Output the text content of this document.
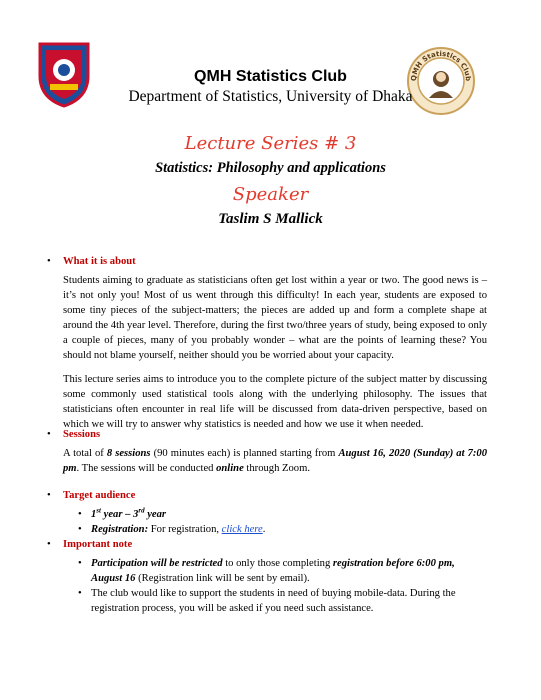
QMH Statistics Club
QMH Statistics Club
Department of Statistics, University of Dhaka
Lecture Series # 3
Statistics: Philosophy and applications
Speaker
Taslim S Mallick
• What it is about

Students aiming to graduate as statisticians often get lost within a year or two. The good news is – it’s not only you! Most of us went through this difficulty! In each year, students are exposed to some tiny pieces of the subject-matters; the pieces are added up and form a complete shape at around the 4th year level. Therefore, during the first two/three years of study, being exposed to only a couple of pieces, many of you probably wonder – what are the points of learning these? You should not blame yourself, neither should you be worried about your capacity.

This lecture series aims to introduce you to the complete picture of the subject matter by discussing some commonly used statistical tools along with the underlying philosophy. The issues that statisticians often encounter in real life will be discussed from data-driven perspective, based on which we will try to answer why statistics is needed and how we use it when needed.

• Sessions

A total of 8 sessions (90 minutes each) is planned starting from August 16, 2020 (Sunday) at 7:00 pm. The sessions will be conducted online through Zoom.

• Target audience

• 1st year – 3rd year

• Registration: For registration, click here.

• Important note

• Participation will be restricted to only those completing registration before 6:00 pm, August 16 (Registration link will be sent by email).

• The club would like to support the students in need of buying mobile-data. During the registration process, you will be asked if you need such assistance.
